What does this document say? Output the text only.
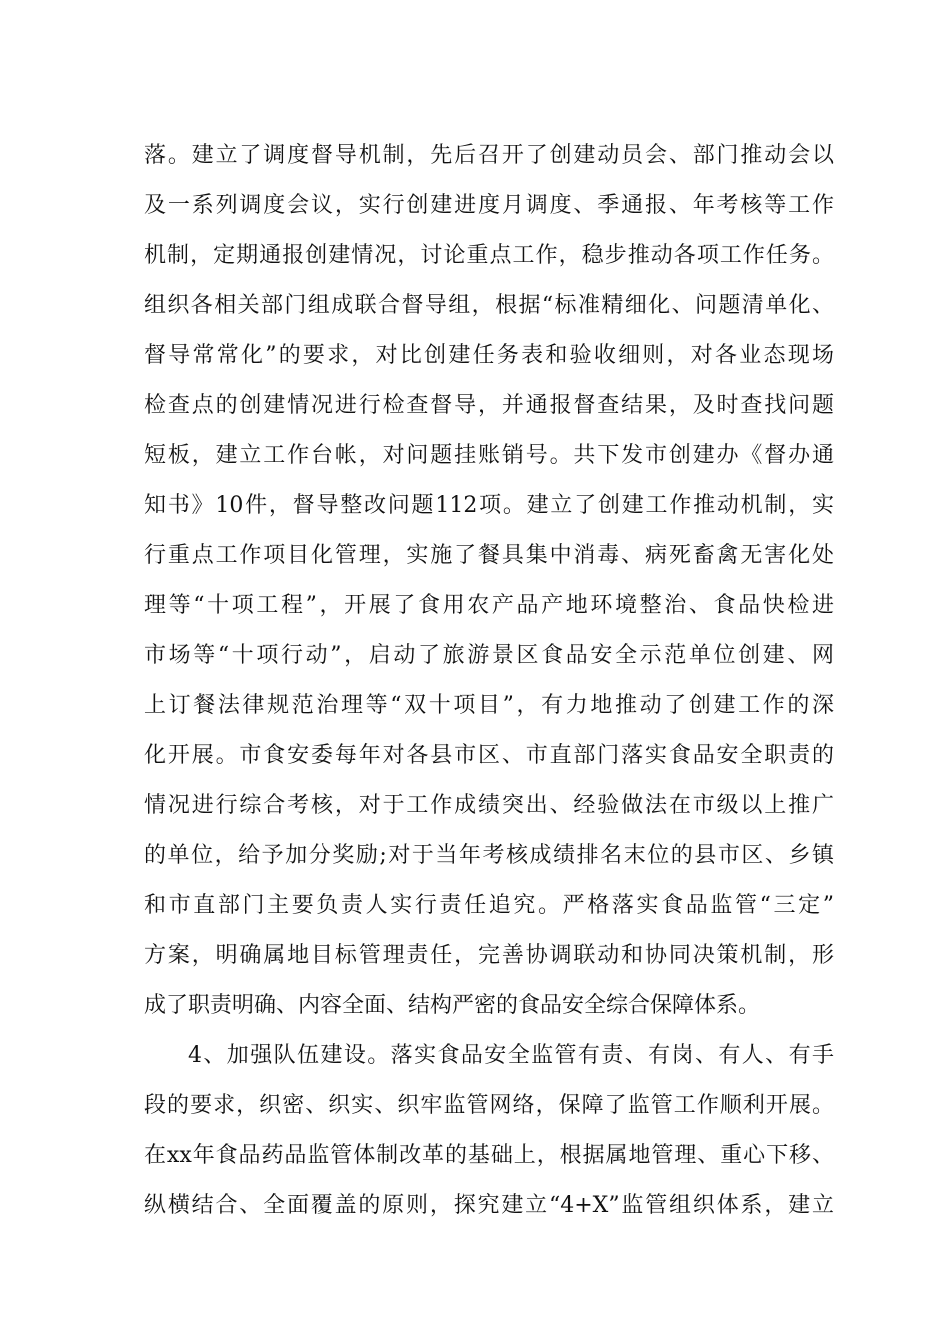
落。建立了调度督导机制，先后召开了创建动员会、部门推动会以
及一系列调度会议，实行创建进度月调度、季通报、年考核等工作
机制，定期通报创建情况，讨论重点工作，稳步推动各项工作任务。
组织各相关部门组成联合督导组，根据“标准精细化、问题清单化、
督导常常化”的要求，对比创建任务表和验收细则，对各业态现场
检查点的创建情况进行检查督导，并通报督查结果，及时查找问题
短板，建立工作台帐，对问题挂账销号。共下发市创建办《督办通
知书》10件，督导整改问题112项。建立了创建工作推动机制，实
行重点工作项目化管理，实施了餐具集中消毒、病死畜禽无害化处
理等“十项工程”，开展了食用农产品产地环境整治、食品快检进
市场等“十项行动”，启动了旅游景区食品安全示范单位创建、网
上订餐法律规范治理等“双十项目”，有力地推动了创建工作的深
化开展。市食安委每年对各县市区、市直部门落实食品安全职责的
情况进行综合考核，对于工作成绩突出、经验做法在市级以上推广
的单位，给予加分奖励;对于当年考核成绩排名末位的县市区、乡镇
和市直部门主要负责人实行责任追究。严格落实食品监管“三定”
方案，明确属地目标管理责任，完善协调联动和协同决策机制，形
成了职责明确、内容全面、结构严密的食品安全综合保障体系。
4、加强队伍建设。落实食品安全监管有责、有岗、有人、有手
段的要求，织密、织实、织牢监管网络，保障了监管工作顺利开展。
在xx年食品药品监管体制改革的基础上，根据属地管理、重心下移、
纵横结合、全面覆盖的原则，探究建立“4+X”监管组织体系，建立
